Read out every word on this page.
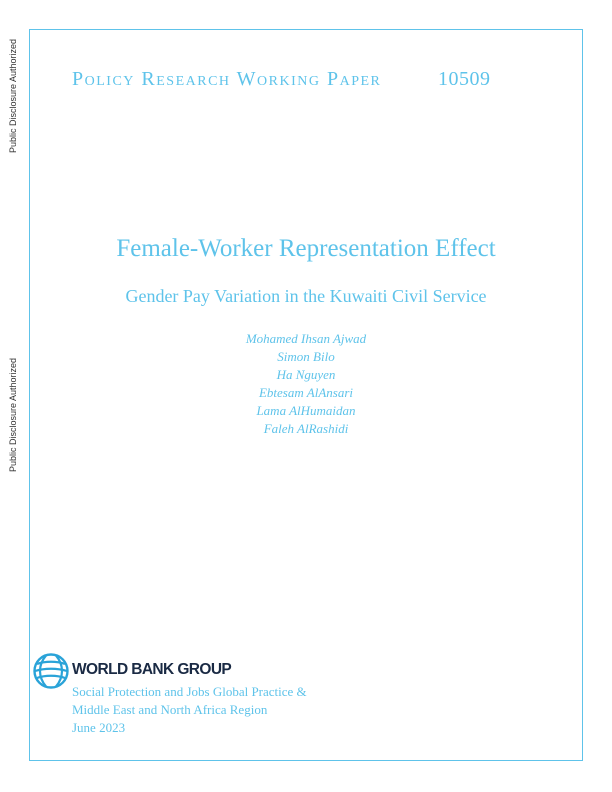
Public Disclosure Authorized
Public Disclosure Authorized
Policy Research Working Paper	10509
Female-Worker Representation Effect
Gender Pay Variation in the Kuwaiti Civil Service
Mohamed Ihsan Ajwad
Simon Bilo
Ha Nguyen
Ebtesam AlAnsari
Lama AlHumaidan
Faleh AlRashidi
WORLD BANK GROUP
Social Protection and Jobs Global Practice &
Middle East and North Africa Region
June 2023
